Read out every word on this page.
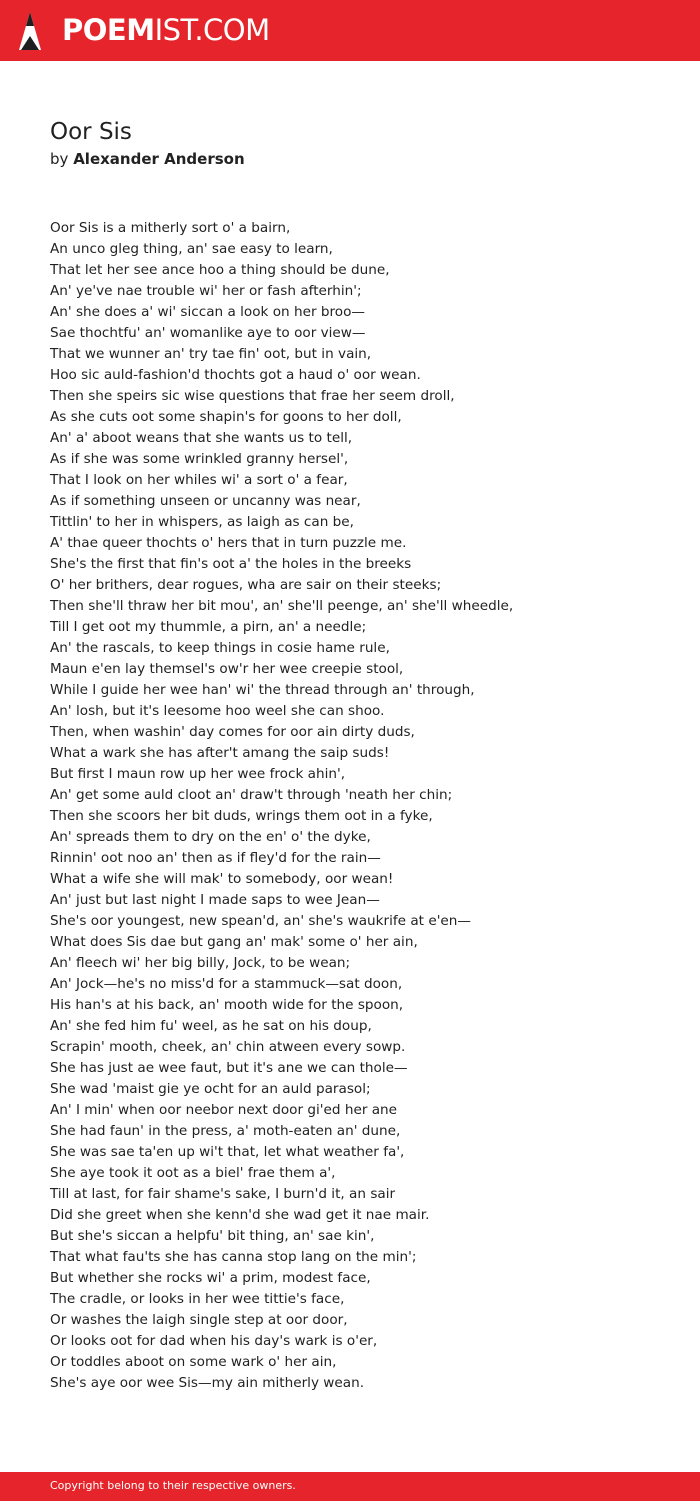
POEMIST.COM
Oor Sis
by Alexander Anderson
Oor Sis is a mitherly sort o' a bairn,
An unco gleg thing, an' sae easy to learn,
That let her see ance hoo a thing should be dune,
An' ye've nae trouble wi' her or fash afterhin';
An' she does a' wi' siccan a look on her broo—
Sae thochtfu' an' womanlike aye to oor view—
That we wunner an' try tae fin' oot, but in vain,
Hoo sic auld-fashion'd thochts got a haud o' oor wean.
Then she speirs sic wise questions that frae her seem droll,
As she cuts oot some shapin's for goons to her doll,
An' a' aboot weans that she wants us to tell,
As if she was some wrinkled granny hersel',
That I look on her whiles wi' a sort o' a fear,
As if something unseen or uncanny was near,
Tittlin' to her in whispers, as laigh as can be,
A' thae queer thochts o' hers that in turn puzzle me.
She's the first that fin's oot a' the holes in the breeks
O' her brithers, dear rogues, wha are sair on their steeks;
Then she'll thraw her bit mou', an' she'll peenge, an' she'll wheedle,
Till I get oot my thummle, a pirn, an' a needle;
An' the rascals, to keep things in cosie hame rule,
Maun e'en lay themsel's ow'r her wee creepie stool,
While I guide her wee han' wi' the thread through an' through,
An' losh, but it's leesome hoo weel she can shoo.
Then, when washin' day comes for oor ain dirty duds,
What a wark she has after't amang the saip suds!
But first I maun row up her wee frock ahin',
An' get some auld cloot an' draw't through 'neath her chin;
Then she scoors her bit duds, wrings them oot in a fyke,
An' spreads them to dry on the en' o' the dyke,
Rinnin' oot noo an' then as if fley'd for the rain—
What a wife she will mak' to somebody, oor wean!
An' just but last night I made saps to wee Jean—
She's oor youngest, new spean'd, an' she's waukrife at e'en—
What does Sis dae but gang an' mak' some o' her ain,
An' fleech wi' her big billy, Jock, to be wean;
An' Jock—he's no miss'd for a stammuck—sat doon,
His han's at his back, an' mooth wide for the spoon,
An' she fed him fu' weel, as he sat on his doup,
Scrapin' mooth, cheek, an' chin atween every sowp.
She has just ae wee faut, but it's ane we can thole—
She wad 'maist gie ye ocht for an auld parasol;
An' I min' when oor neebor next door gi'ed her ane
She had faun' in the press, a' moth-eaten an' dune,
She was sae ta'en up wi't that, let what weather fa',
She aye took it oot as a biel' frae them a',
Till at last, for fair shame's sake, I burn'd it, an sair
Did she greet when she kenn'd she wad get it nae mair.
But she's siccan a helpfu' bit thing, an' sae kin',
That what fau'ts she has canna stop lang on the min';
But whether she rocks wi' a prim, modest face,
The cradle, or looks in her wee tittie's face,
Or washes the laigh single step at oor door,
Or looks oot for dad when his day's wark is o'er,
Or toddles aboot on some wark o' her ain,
She's aye oor wee Sis—my ain mitherly wean.
Copyright belong to their respective owners.
